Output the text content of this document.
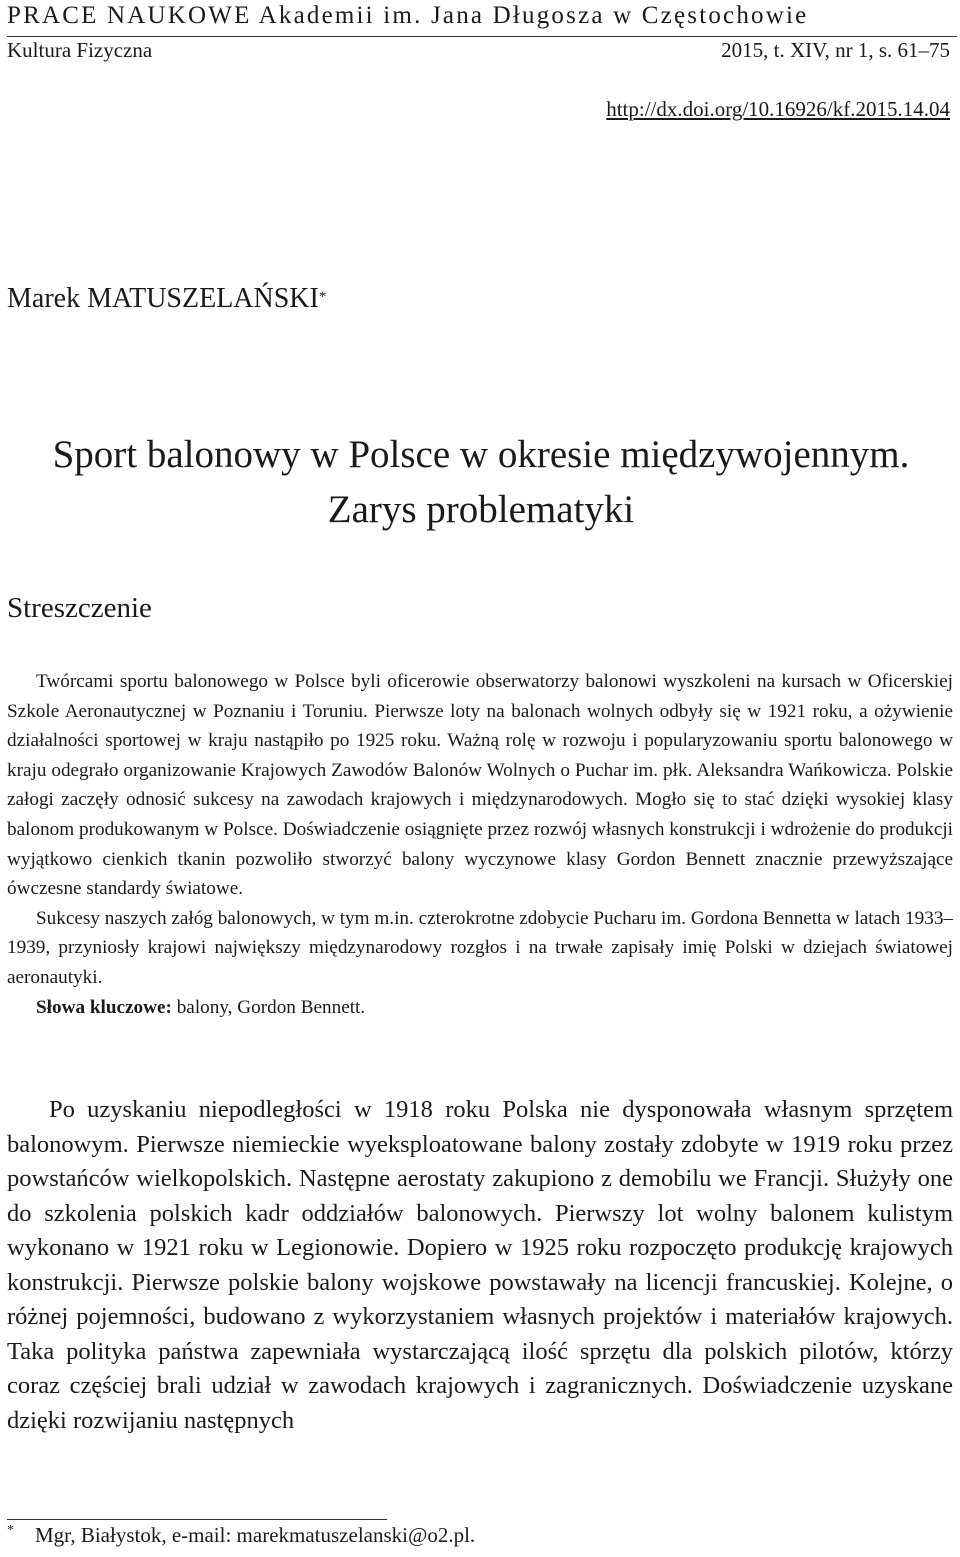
PRACE NAUKOWE Akademii im. Jana Długosza w Częstochowie
Kultura Fizyczna	2015, t. XIV, nr 1, s. 61–75
http://dx.doi.org/10.16926/kf.2015.14.04
Marek MATUSZELAŃSKI*
Sport balonowy w Polsce w okresie międzywojennym. Zarys problematyki
Streszczenie

Twórcami sportu balonowego w Polsce byli oficerowie obserwatorzy balonowi wyszkoleni na kursach w Oficerskiej Szkole Aeronautycznej w Poznaniu i Toruniu. Pierwsze loty na balonach wolnych odbyły się w 1921 roku, a ożywienie działalności sportowej w kraju nastąpiło po 1925 roku. Ważną rolę w rozwoju i popularyzowaniu sportu balonowego w kraju odegrało organizowanie Krajowych Zawodów Balonów Wolnych o Puchar im. płk. Aleksandra Wańkowicza. Polskie załogi zaczęły odnosić sukcesy na zawodach krajowych i międzynarodowych. Mogło się to stać dzięki wysokiej klasy balonom produkowanym w Polsce. Doświadczenie osiągnięte przez rozwój własnych konstrukcji i wdrożenie do produkcji wyjątkowo cienkich tkanin pozwoliło stworzyć balony wyczynowe klasy Gordon Bennett znacznie przewyższające ówczesne standardy światowe.

Sukcesy naszych załóg balonowych, w tym m.in. czterokrotne zdobycie Pucharu im. Gordona Bennetta w latach 1933–1939, przyniosły krajowi największy międzynarodowy rozgłos i na trwałe zapisały imię Polski w dziejach światowej aeronautyki.

Słowa kluczowe: balony, Gordon Bennett.

Po uzyskaniu niepodległości w 1918 roku Polska nie dysponowała własnym sprzętem balonowym. Pierwsze niemieckie wyeksploatowane balony zostały zdobyte w 1919 roku przez powstańców wielkopolskich. Następne aerostaty zakupiono z demobilu we Francji. Służyły one do szkolenia polskich kadr oddziałów balonowych. Pierwszy lot wolny balonem kulistym wykonano w 1921 roku w Legionowie. Dopiero w 1925 roku rozpoczęto produkcję krajowych konstrukcji. Pierwsze polskie balony wojskowe powstawały na licencji francuskiej. Kolejne, o różnej pojemności, budowano z wykorzystaniem własnych projektów i materiałów krajowych. Taka polityka państwa zapewniała wystarczającą ilość sprzętu dla polskich pilotów, którzy coraz częściej brali udział w zawodach krajowych i zagranicznych. Doświadczenie uzyskane dzięki rozwijaniu następnych

* Mgr, Białystok, e-mail: marekmatuszelanski@o2.pl.
